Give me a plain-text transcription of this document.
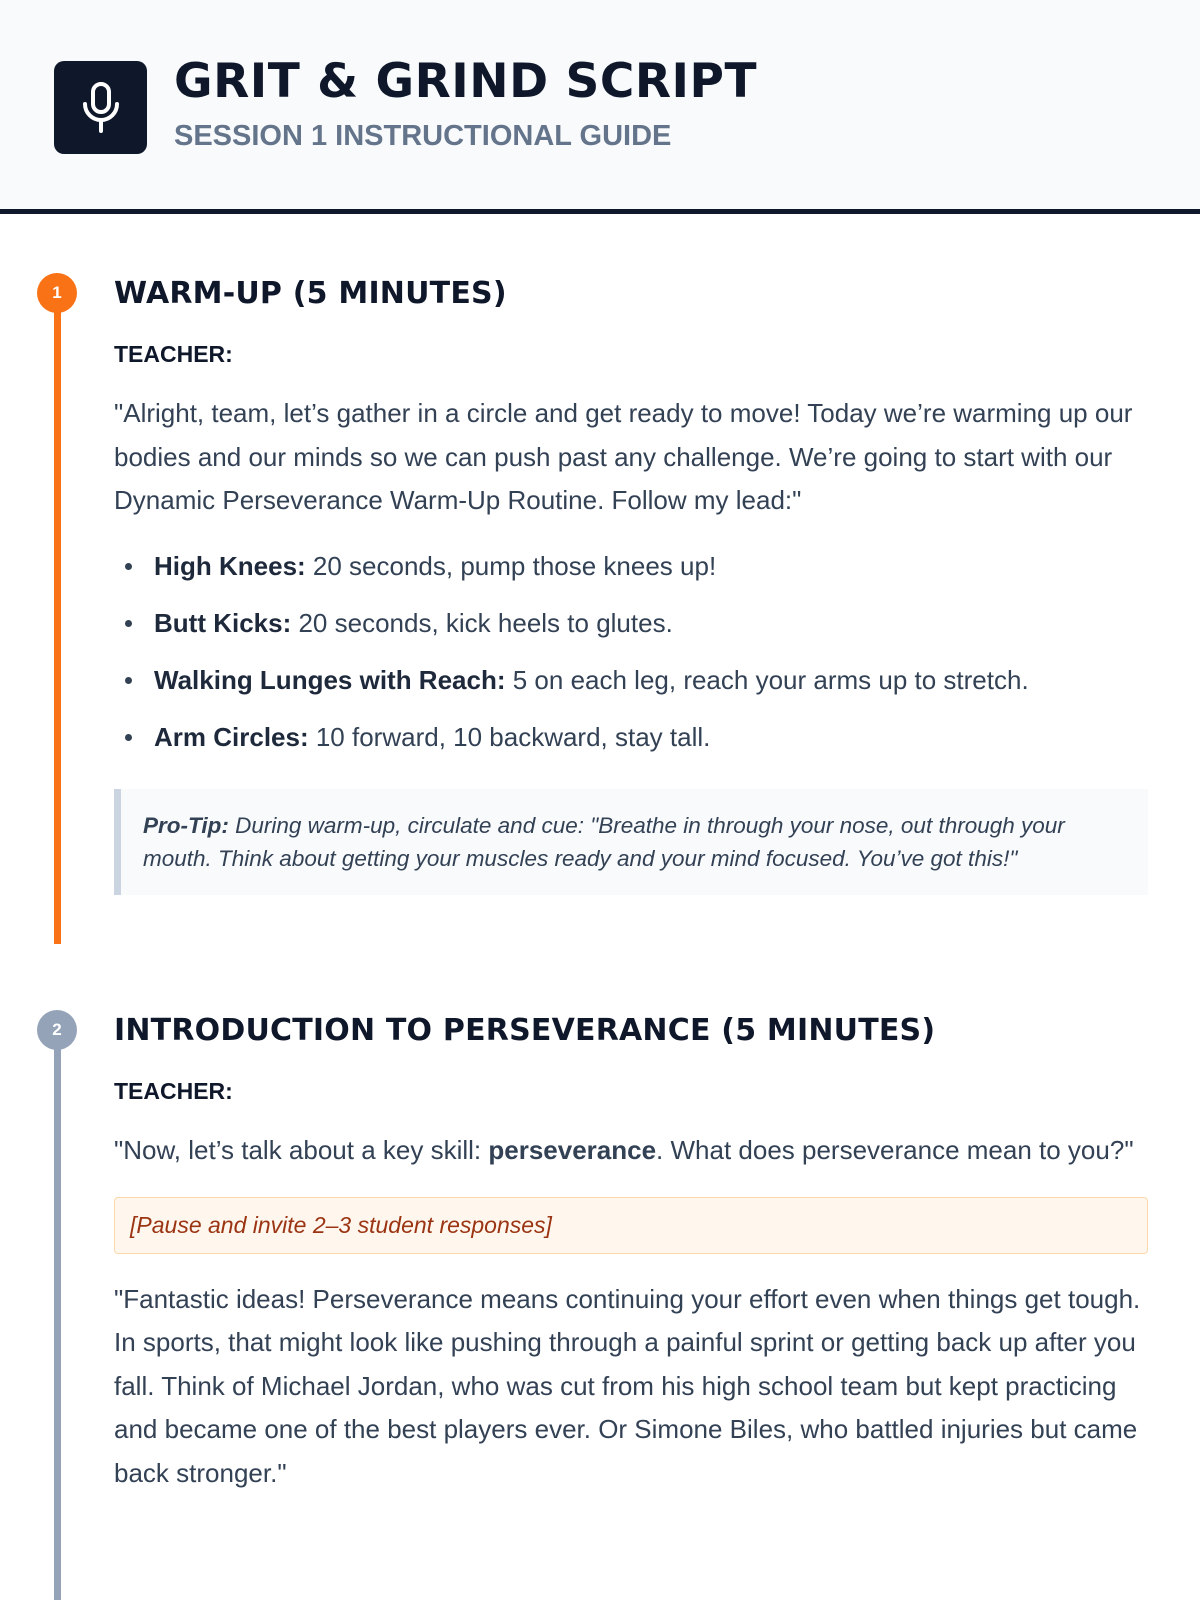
GRIT & GRIND SCRIPT
SESSION 1 INSTRUCTIONAL GUIDE
1
2
WARM-UP (5 MINUTES)
TEACHER:

"Alright, team, let’s gather in a circle and get ready to move! Today we’re warming up our bodies and our minds so we can push past any challenge. We’re going to start with our Dynamic Perseverance Warm-Up Routine. Follow my lead:"

High Knees: 20 seconds, pump those knees up!
Butt Kicks: 20 seconds, kick heels to glutes.
Walking Lunges with Reach: 5 on each leg, reach your arms up to stretch.
Arm Circles: 10 forward, 10 backward, stay tall.
Pro-Tip: During warm-up, circulate and cue: "Breathe in through your nose, out through your mouth. Think about getting your muscles ready and your mind focused. You’ve got this!"
INTRODUCTION TO PERSEVERANCE (5 MINUTES)
TEACHER:

"Now, let’s talk about a key skill: perseverance. What does perseverance mean to you?"

[Pause and invite 2–3 student responses]

"Fantastic ideas! Perseverance means continuing your effort even when things get tough. In sports, that might look like pushing through a painful sprint or getting back up after you fall. Think of Michael Jordan, who was cut from his high school team but kept practicing and became one of the best players ever. Or Simone Biles, who battled injuries but came back stronger."
